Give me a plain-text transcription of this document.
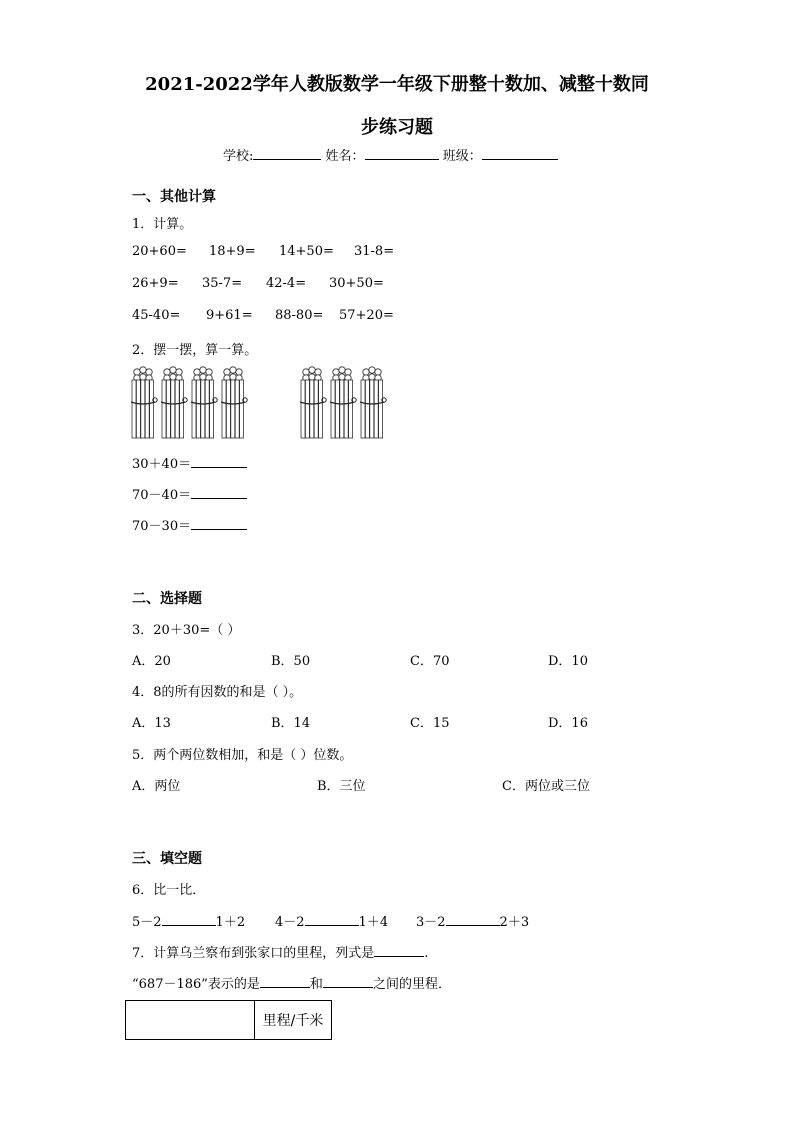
2021-2022学年人教版数学一年级下册整十数加、减整十数同
步练习题
学校:	姓名：	班级：
一、其他计算
1．计算。
20+60= 18+9= 14+50= 31-8=
26+9= 35-7= 42-4= 30+50=
45-40= 9+61= 88-80= 57+20=
2．摆一摆，算一算。
30＋40＝
70－40＝
70－30＝
二、选择题
3．20＋30=（ ）
A．20	B．50	C．70	D．10
4．8的所有因数的和是（ ）。
A．13	B．14	C．15	D．16
5．两个两位数相加，和是（ ）位数。
A．两位	B．三位	C．两位或三位
三、填空题
6．比一比．
5－2	1＋2 4－2	1＋4 3－2	2＋3
7．计算乌兰察布到张家口的里程，列式是	.
“687－186”表示的是	和	之间的里程．
	里程/千米
